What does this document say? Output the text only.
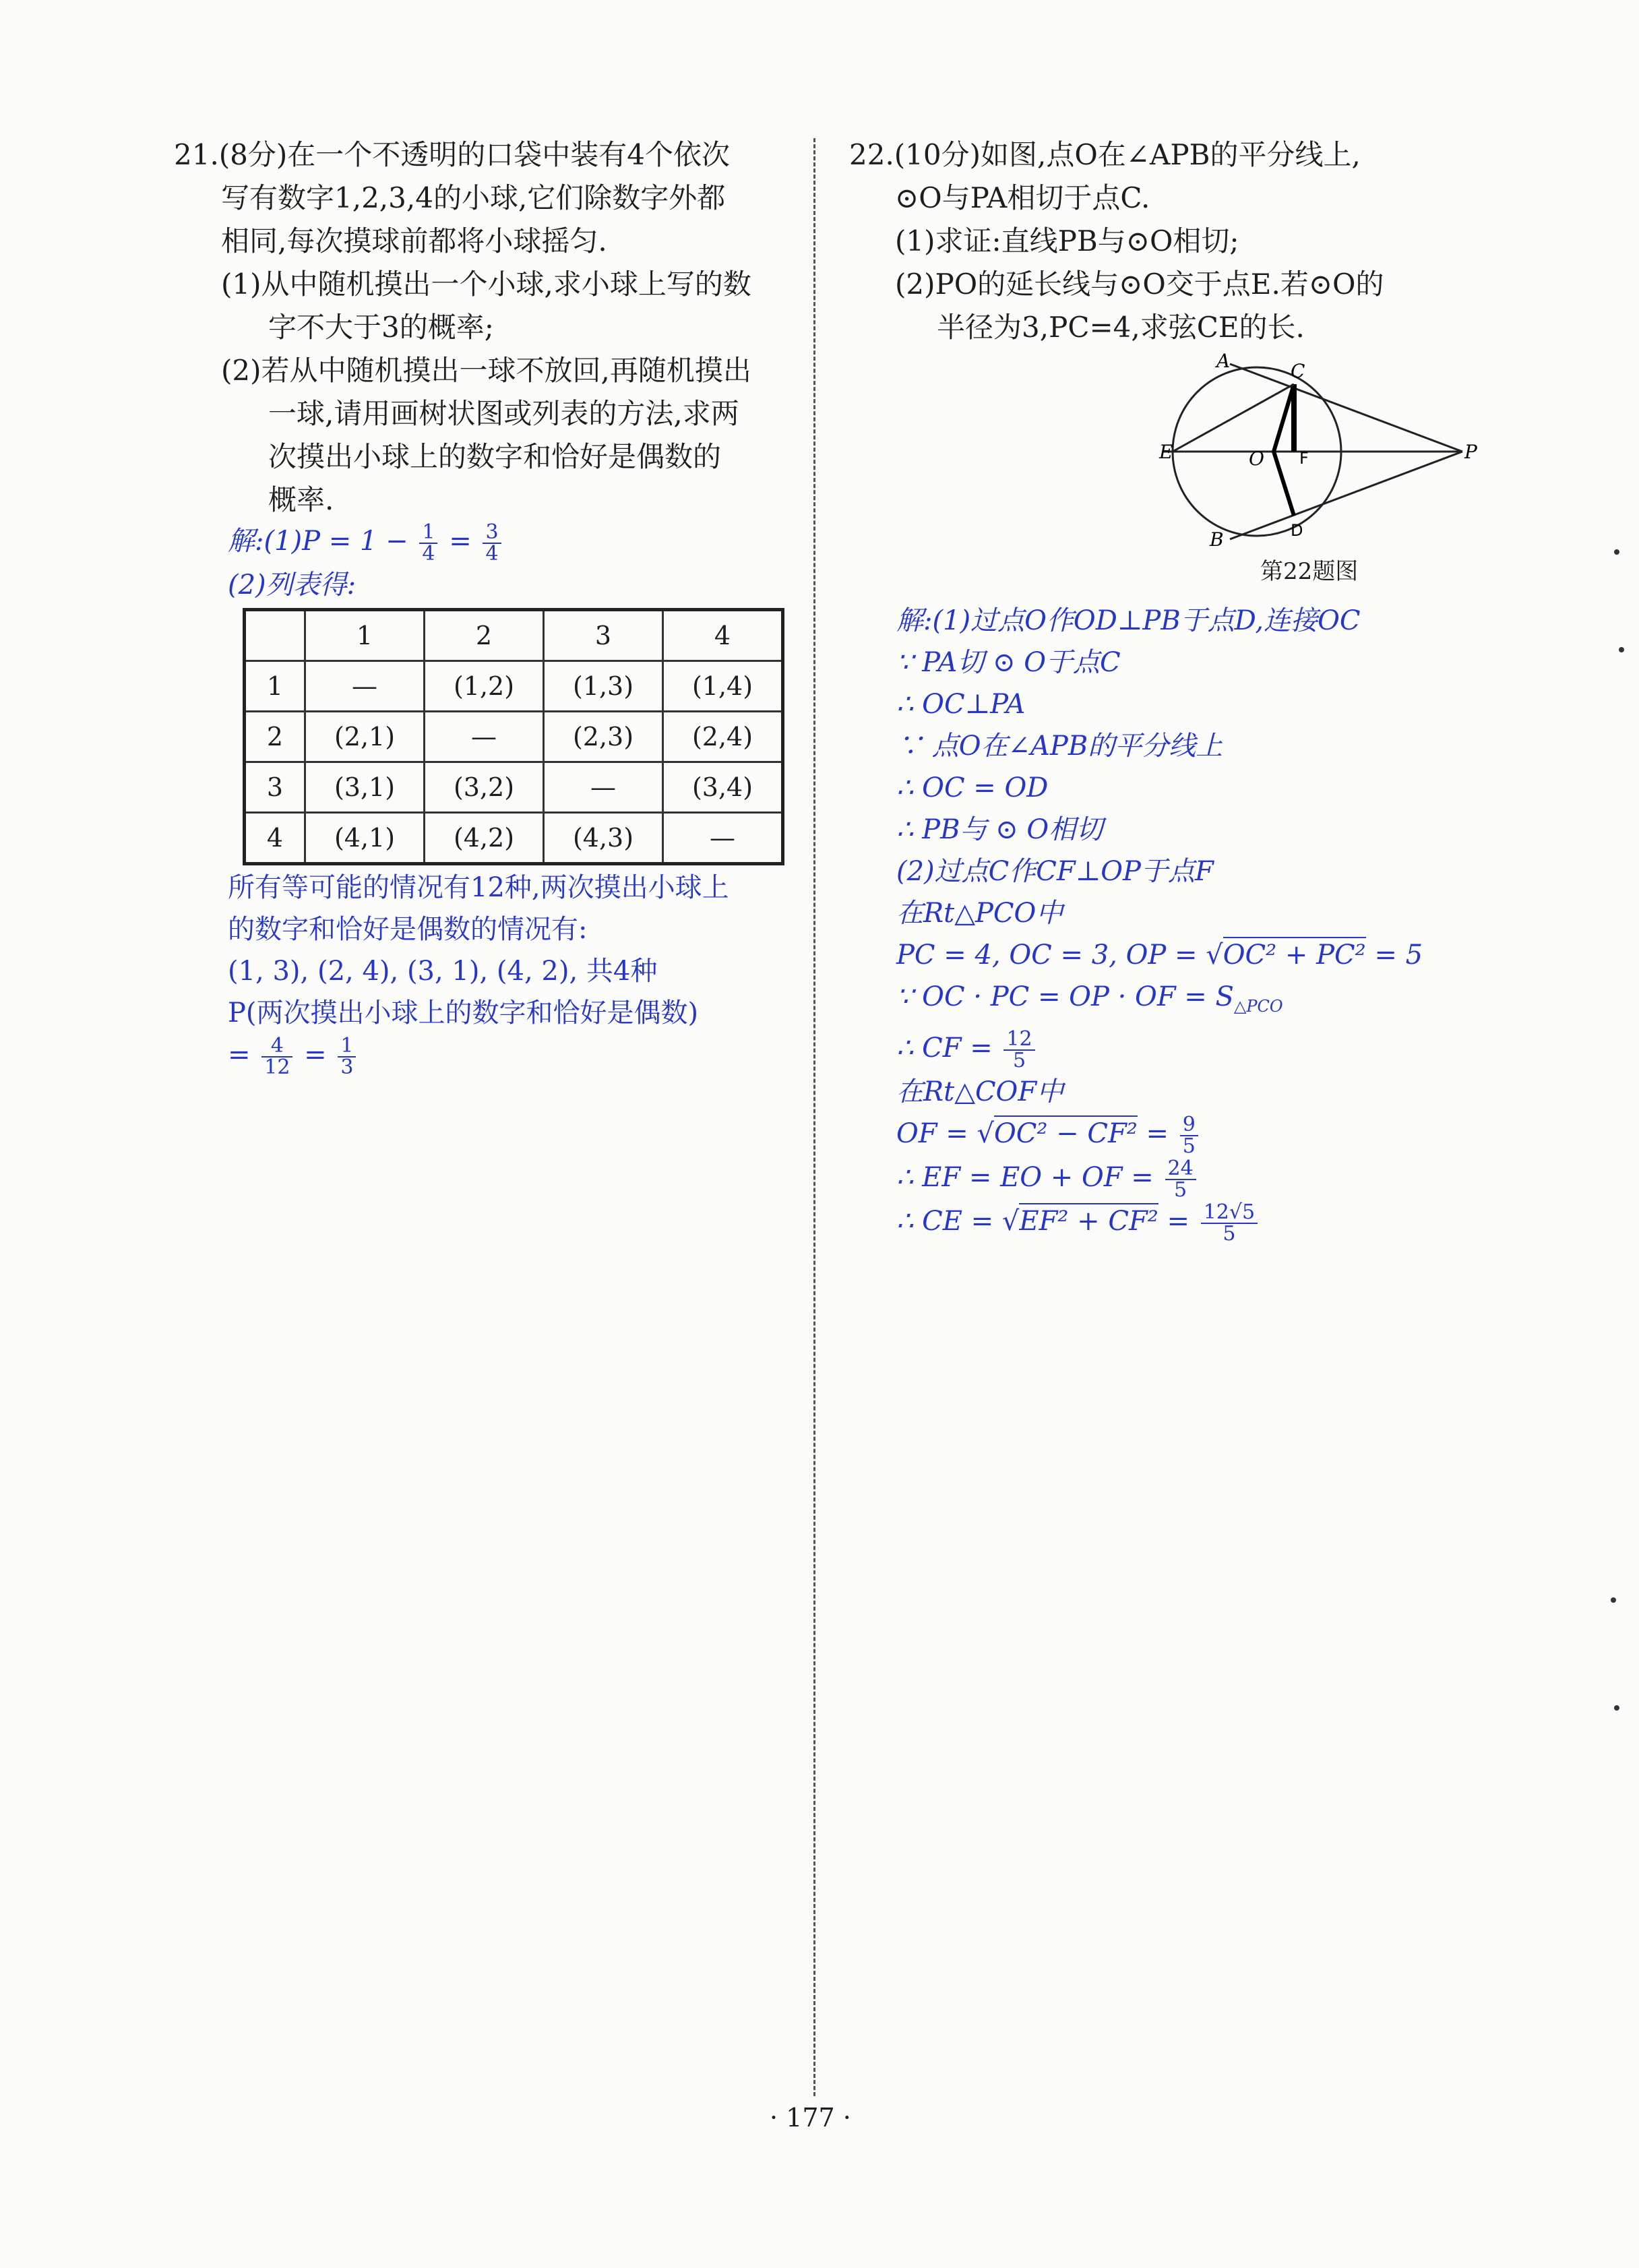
21.(8分)在一个不透明的口袋中装有4个依次
写有数字1,2,3,4的小球,它们除数字外都
相同,每次摸球前都将小球摇匀.
(1)从中随机摸出一个小球,求小球上写的数
字不大于3的概率;
(2)若从中随机摸出一球不放回,再随机摸出
一球,请用画树状图或列表的方法,求两
次摸出小球上的数字和恰好是偶数的
概率.
解:(1)P = $1 - \frac{1}{4} = \frac{3}{4}$
(2)列表得:
	1	2	3	4
1	—	(1,2)	(1,3)	(1,4)
2	(2,1)	—	(2,3)	(2,4)
3	(3,1)	(3,2)	—	(3,4)
4	(4,1)	(4,2)	(4,3)	—
所有等可能的情况有12种,两次摸出小球上
的数字和恰好是偶数的情况有:
(1, 3), (2, 4), (3, 1), (4, 2), 共4种
P(两次摸出小球上的数字和恰好是偶数)
= $\frac{4}{12} = \frac{1}{3}$
22.(10分)如图,点O在∠APB的平分线上,
⊙O与PA相切于点C.
(1)求证:直线PB与⊙O相切;
(2)PO的延长线与⊙O交于点E.若⊙O的
半径为3,PC=4,求弦CE的长.
A	C
E	O F
D
P
B
第22题图
解:(1)过点O作OD⊥PB于点D,连接OC
∵ PA切 ⊙ O于点C
∴ OC⊥PA
∵ 点O在∠APB的平分线上
∴ OC = OD
∴ PB与 ⊙ O相切
(2)过点C作CF⊥OP于点F
在Rt△PCO中
PC = 4, OC = 3, OP = √OC² + PC² = 5
∵ OC · PC = OP · OF = $S_{\triangle PCO}$
∴ CF = $\frac{12}{5}$
在Rt△COF中
OF = $√OC^2 - CF^2 = \frac{9}{5}$
∴ EF = EO + OF = $\frac{24}{5}$
∴ CE = $√EF^2 + CF^2 = \frac{12√5}{5}$
· 177 ·
